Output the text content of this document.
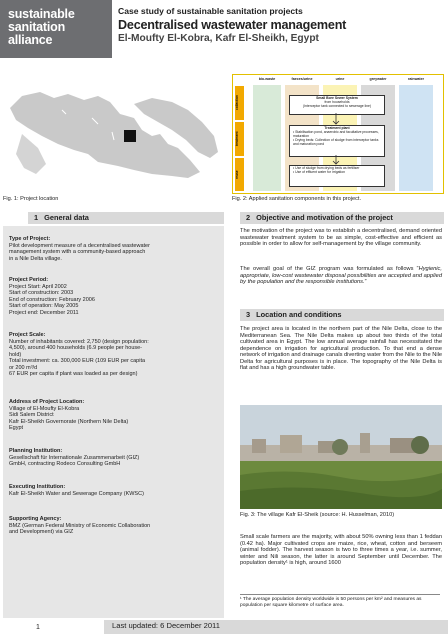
sustainable
sanitation
alliance
Case study of sustainable sanitation projects
Decentralised wastewater management
El-Moufty El-Kobra, Kafr El-Sheikh, Egypt
bio-waste	faeces/urine	urine	greywater	rainwater
collection
treatment
reuse
Small Bore Sewer System
from households
(Interceptor tank connected to sewerage line)
Treatment plant
• Stabilisation pond, anaerobic and facultative processes, maturation
• Drying beds: Collection of sludge from interceptor tanks and maturation pond
• Use of sludge from drying beds as fertiliser
• Use of effluent water for irrigation
Fig. 1: Project location	Fig. 2: Applied sanitation components in this project.
1 General data
Type of Project:
Pilot development measure of a decentralised wastewater
management system with a community-based approach
in a Nile Delta village.
Project Period:
Project Start: April 2002
Start of construction: 2003
End of construction: February 2006
Start of operation: May 2005
Project end: December 2011
Project Scale:
Number of inhabitants covered: 2,750 (design population:
4,500), around 400 households (6.9 people per house-
hold)
Total investment: ca. 300,000 EUR (109 EUR per capita
or 200 m³/d
67 EUR per capita if plant was loaded as per design)
Address of Project Location:
Village of El-Moufty El-Kobra
Sidi Salem District
Kafr El-Sheikh Governorate (Northern Nile Delta)
Egypt
Planning Institution:
Gesellschaft für Internationale Zusammenarbeit (GIZ)
GmbH, contracting Rodeco Consulting GmbH
Executing Institution:
Kafr El-Sheikh Water and Sewerage Company (KWSC)
Supporting Agency:
BMZ (German Federal Ministry of Economic Collaboration
and Development) via GIZ
2 Objective and motivation of the project
The motivation of the project was to establish a decentralised, demand oriented wastewater treatment system to be as simple, cost-effective and efficient as possible in order to allow for self-management by the village community.
The overall goal of the GIZ program was formulated as follows “Hygienic, appropriate, low-cost wastewater disposal possibilities are accepted and applied by the population and the responsible institutions.”
3 Location and conditions
The project area is located in the northern part of the Nile Delta, close to the Mediterranean Sea. The Nile Delta makes up about two thirds of the total cultivated area in Egypt. The low annual average rainfall has necessitated the dependence on irrigation for agricultural production. To that end a dense network of irrigation and drainage canals diverting water from the Nile to the Nile Delta for agricultural purposes is in place. The topography of the Nile Delta is flat and has a high groundwater table.
Fig. 3: The village Kafr El-Sheik (source: H. Husselman, 2010)
Small scale farmers are the majority, with about 50% owning less than 1 feddan (0.42 ha). Major cultivated crops are maize, rice, wheat, cotton and berseem (animal fodder). The harvest season is two to three times a year, i.e. summer, winter and Nili season, the latter is around September until December. The population density¹ is high, around 1600
¹ The average population density worldwide is 50 persons per km² and measures as population per square kilometre of surface area.
1	Last updated: 6 December 2011
